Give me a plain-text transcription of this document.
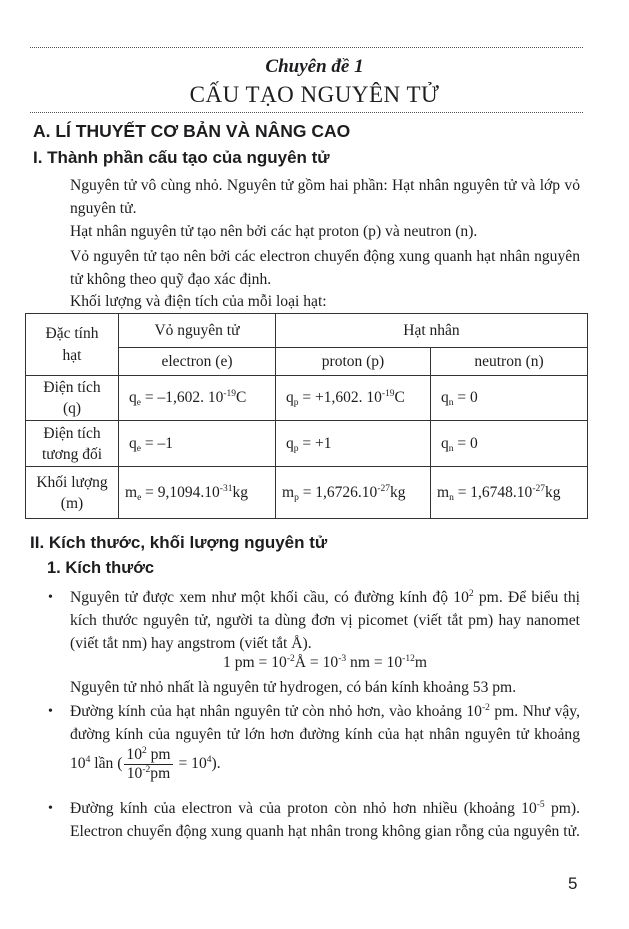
Chuyên đề 1
CẤU TẠO NGUYÊN TỬ
A. LÍ THUYẾT CƠ BẢN VÀ NÂNG CAO
I. Thành phần cấu tạo của nguyên tử
Nguyên tử vô cùng nhỏ. Nguyên tử gồm hai phần: Hạt nhân nguyên tử và lớp vỏ nguyên tử.
Hạt nhân nguyên tử tạo nên bởi các hạt proton (p) và neutron (n).
Vỏ nguyên tử tạo nên bởi các electron chuyển động xung quanh hạt nhân nguyên tử không theo quỹ đạo xác định.
Khối lượng và điện tích của mỗi loại hạt:
Đặc tính hạt	Vỏ nguyên tử	Hạt nhân	
	electron (e)	proton (p)	neutron (n)
Điện tích (q)	$q_e = -1,602$. $10^{-19}C$	$q_p = +1,602$. $10^{-19}C$	$q_n = 0$
Điện tích tương đối	$q_e = -1$	$q_p = +1$	$q_n = 0$
Khối lượng (m)	$m_e = 9,1094.10^{-31}kg$	$m_p = 1,6726.10^{-27}kg$	$m_n = 1,6748.10^{-27}kg$
II. Kích thước, khối lượng nguyên tử
1. Kích thước
• Nguyên tử được xem như một khối cầu, có đường kính độ $10^2$ pm. Để biểu thị kích thước nguyên tử, người ta dùng đơn vị picomet (viết tắt pm) hay nanomet (viết tắt nm) hay angstrom (viết tắt Å).
1 pm = $10^{-2}Å = 10^{-3}$ nm = $10^{-12}m$
Nguyên tử nhỏ nhất là nguyên tử hydrogen, có bán kính khoảng 53 pm.
• Đường kính của hạt nhân nguyên tử còn nhỏ hơn, vào khoảng $10^{-2}$ pm. Như vậy, đường kính của nguyên tử lớn hơn đường kính của hạt nhân nguyên tử khoảng $10^4$ lần ( $\frac{10^2 pm}{10^{-2}pm} = 10^4$).
• Đường kính của electron và của proton còn nhỏ hơn nhiều (khoảng $10^{-5}$ pm). Electron chuyển động xung quanh hạt nhân trong không gian rỗng của nguyên tử.
5
